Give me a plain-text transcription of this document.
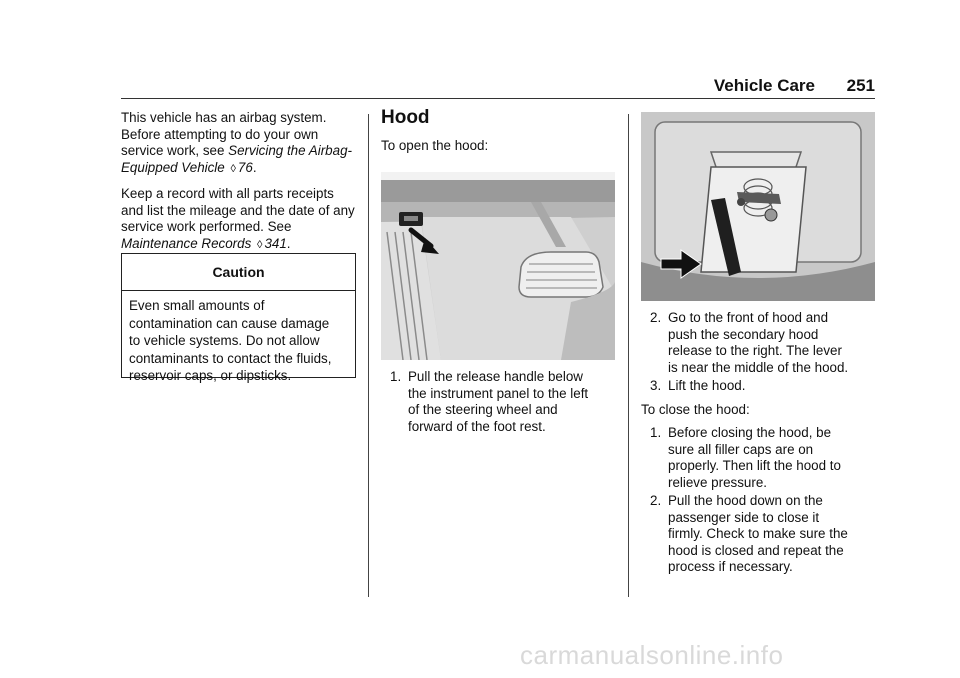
Vehicle Care 251

This vehicle has an airbag system. Before attempting to do your own service work, see Servicing the Airbag-Equipped Vehicle ◊ 76.

Keep a record with all parts receipts and list the mileage and the date of any service work performed. See Maintenance Records ◊ 341.

Caution
Even small amounts of
contamination can cause damage
to vehicle systems. Do not allow
contaminants to contact the fluids,
reservoir caps, or dipsticks.
Hood
To open the hood:
1. Pull the release handle below
the instrument panel to the left
of the steering wheel and
forward of the foot rest.
2. Go to the front of hood and
push the secondary hood
release to the right. The lever
is near the middle of the hood.
3. Lift the hood.
To close the hood:
1. Before closing the hood, be
sure all filler caps are on
properly. Then lift the hood to
relieve pressure.
2. Pull the hood down on the
passenger side to close it
firmly. Check to make sure the
hood is closed and repeat the
process if necessary.
carmanualsonline.info
